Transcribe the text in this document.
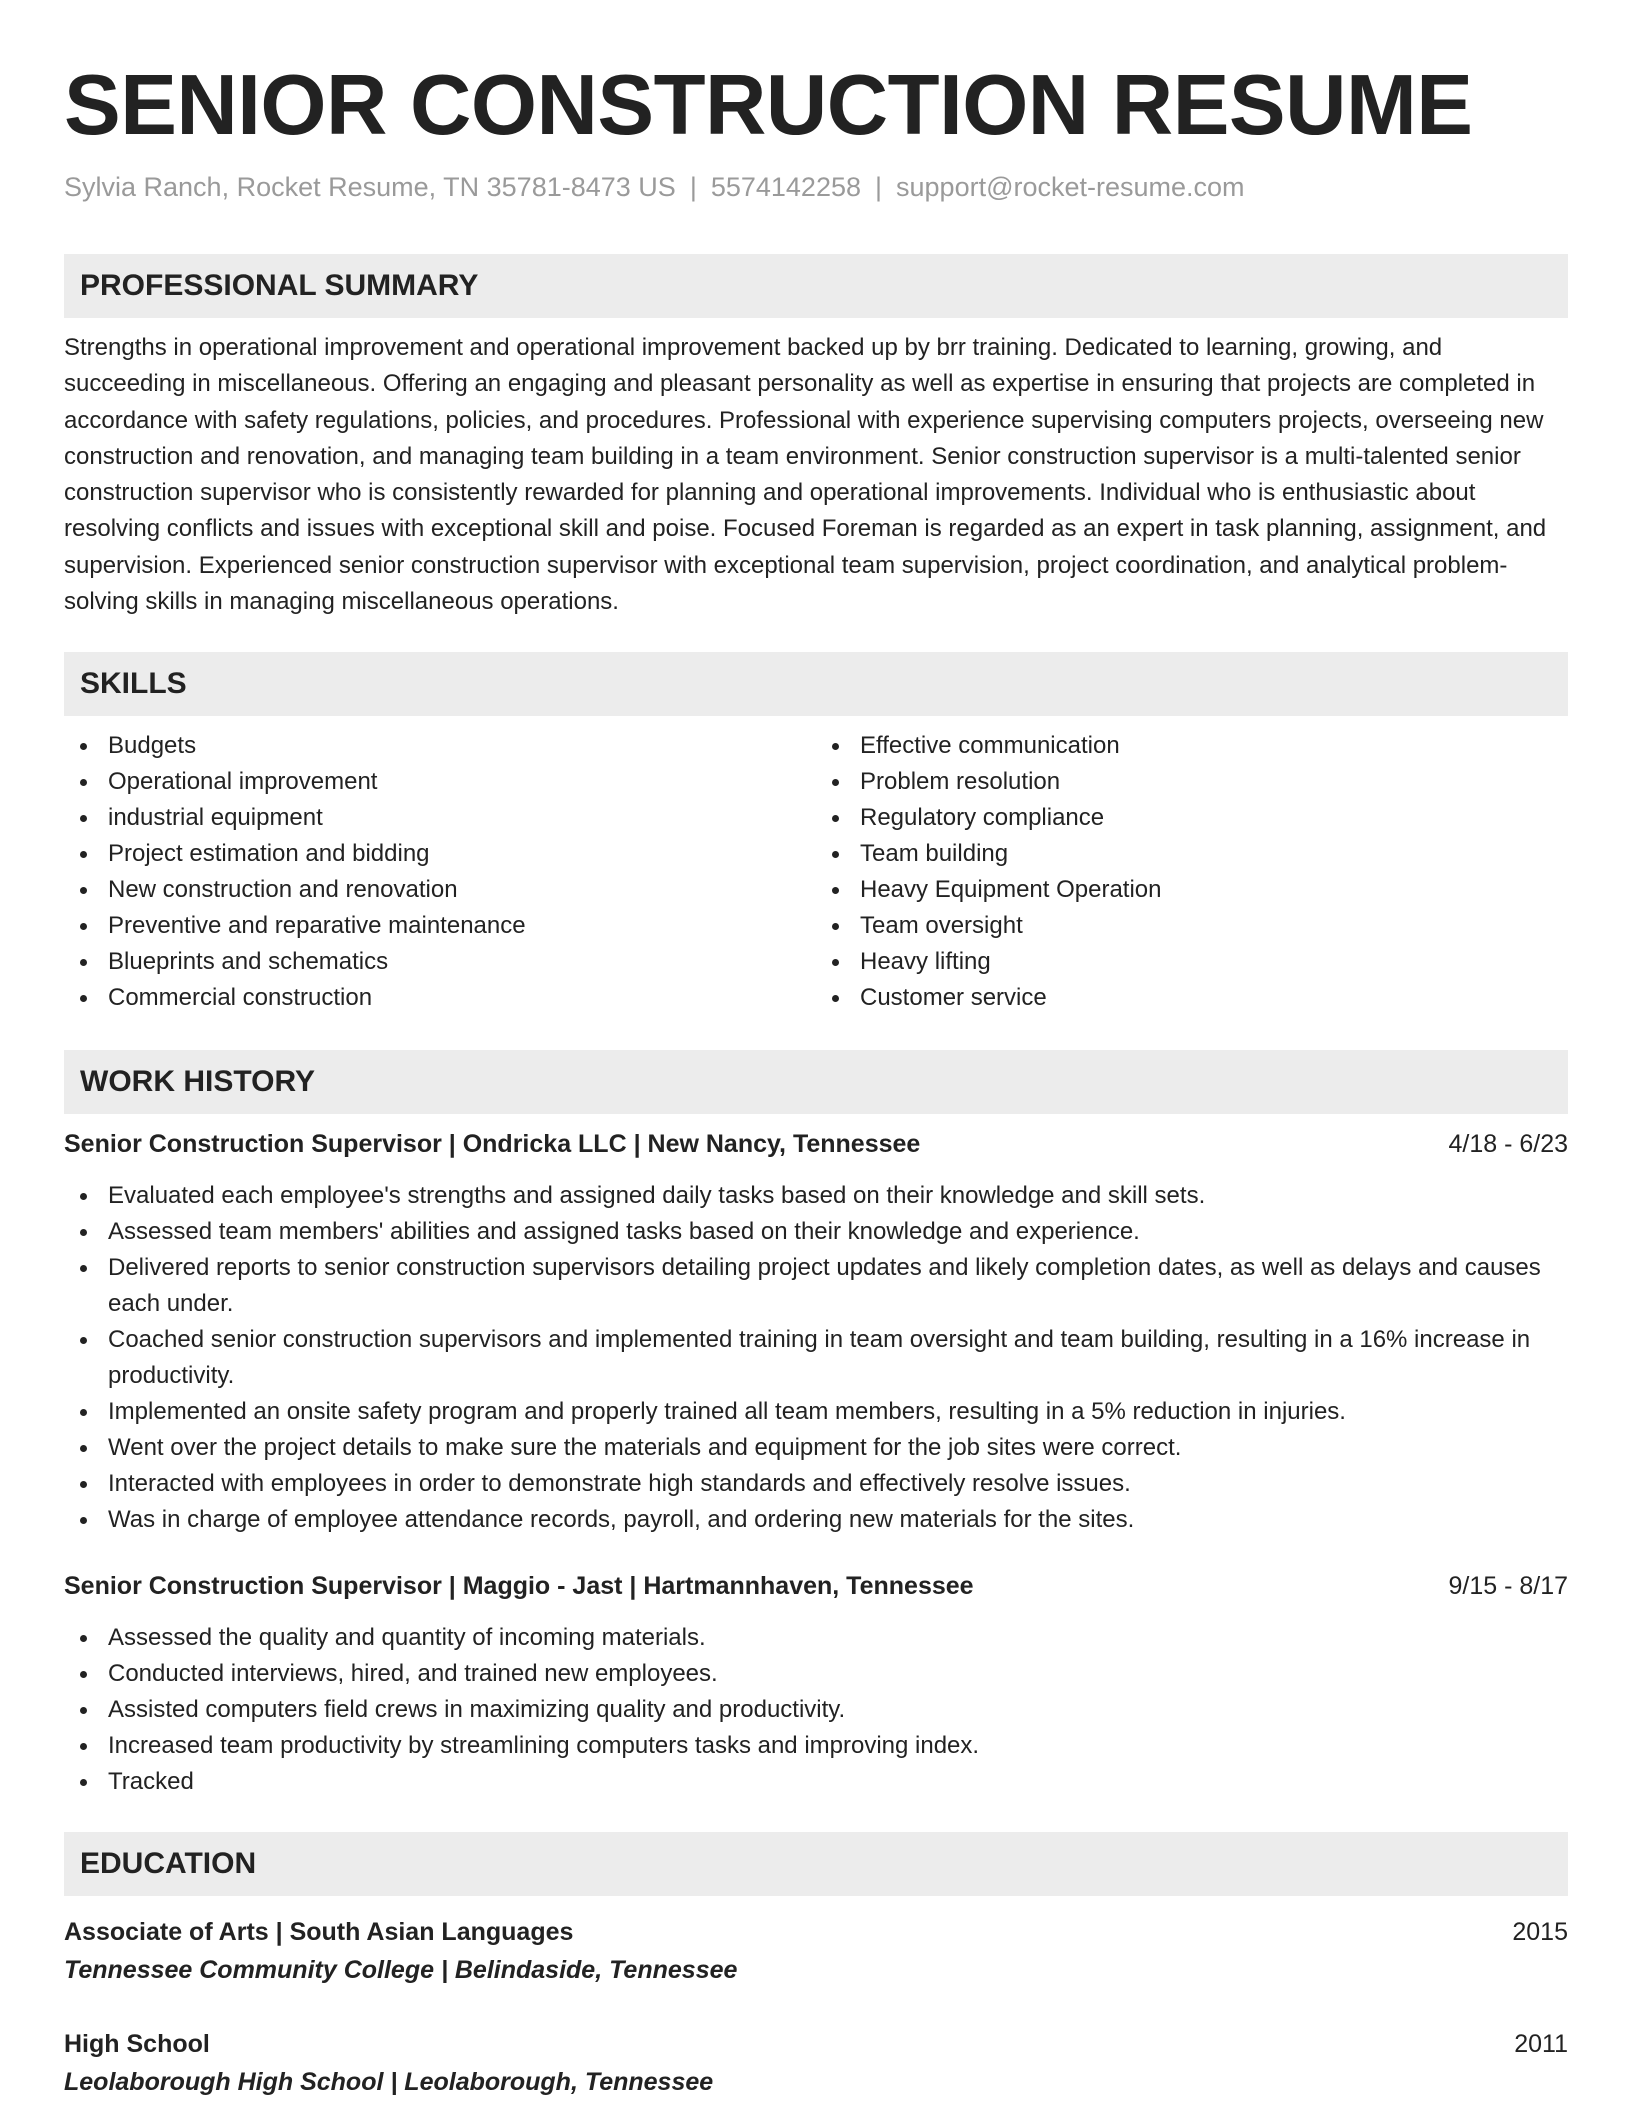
SENIOR CONSTRUCTION RESUME
Sylvia Ranch, Rocket Resume, TN 35781-8473 US | 5574142258 | support@rocket-resume.com
PROFESSIONAL SUMMARY

Strengths in operational improvement and operational improvement backed up by brr training. Dedicated to learning, growing, and succeeding in miscellaneous. Offering an engaging and pleasant personality as well as expertise in ensuring that projects are completed in accordance with safety regulations, policies, and procedures. Professional with experience supervising computers projects, overseeing new construction and renovation, and managing team building in a team environment. Senior construction supervisor is a multi-talented senior construction supervisor who is consistently rewarded for planning and operational improvements. Individual who is enthusiastic about resolving conflicts and issues with exceptional skill and poise. Focused Foreman is regarded as an expert in task planning, assignment, and supervision. Experienced senior construction supervisor with exceptional team supervision, project coordination, and analytical problem-solving skills in managing miscellaneous operations.

SKILLS
Budgets
Operational improvement
industrial equipment
Project estimation and bidding
New construction and renovation
Preventive and reparative maintenance
Blueprints and schematics
Commercial construction
Effective communication
Problem resolution
Regulatory compliance
Team building
Heavy Equipment Operation
Team oversight
Heavy lifting
Customer service
WORK HISTORY
Senior Construction Supervisor | Ondricka LLC | New Nancy, Tennessee	4/18 - 6/23
Evaluated each employee's strengths and assigned daily tasks based on their knowledge and skill sets.
Assessed team members' abilities and assigned tasks based on their knowledge and experience.
Delivered reports to senior construction supervisors detailing project updates and likely completion dates, as well as delays and causes each under.
Coached senior construction supervisors and implemented training in team oversight and team building, resulting in a 16% increase in productivity.
Implemented an onsite safety program and properly trained all team members, resulting in a 5% reduction in injuries.
Went over the project details to make sure the materials and equipment for the job sites were correct.
Interacted with employees in order to demonstrate high standards and effectively resolve issues.
Was in charge of employee attendance records, payroll, and ordering new materials for the sites.
Senior Construction Supervisor | Maggio - Jast | Hartmannhaven, Tennessee	9/15 - 8/17
Assessed the quality and quantity of incoming materials.
Conducted interviews, hired, and trained new employees.
Assisted computers field crews in maximizing quality and productivity.
Increased team productivity by streamlining computers tasks and improving index.
Tracked
EDUCATION
Associate of Arts | South Asian Languages	2015
Tennessee Community College | Belindaside, Tennessee
High School	2011
Leolaborough High School | Leolaborough, Tennessee
